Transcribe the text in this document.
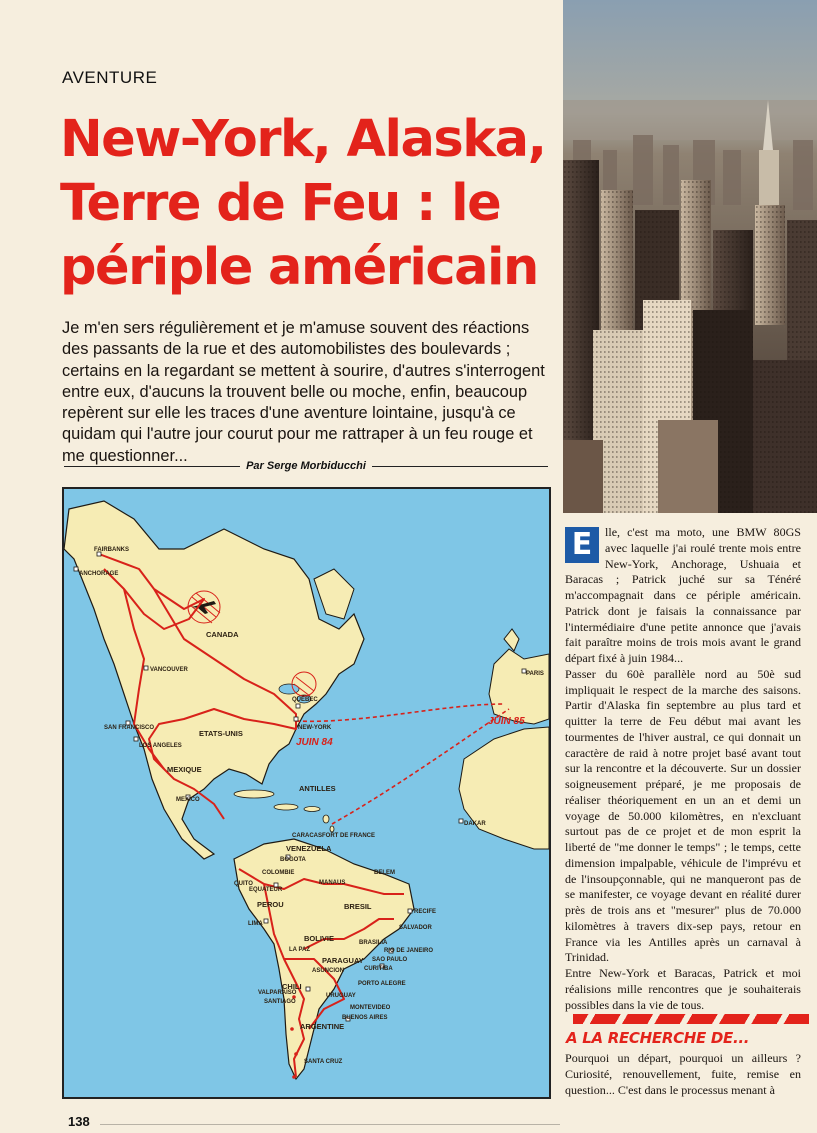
AVENTURE
New-York, Alaska, Terre de Feu : le périple américain

Je m'en sers régulièrement et je m'amuse souvent des réactions des passants de la rue et des automobilistes des boulevards ; certains en la regardant se mettent à sourire, d'autres s'interrogent entre eux, d'aucuns la trouvent belle ou moche, enfin, beaucoup repèrent sur elle les traces d'une aventure lointaine, jusqu'à ce quidam qui l'autre jour courut pour me rattraper à un feu rouge et me questionner...

Par Serge Morbiducchi
FAIRBANKS
ANCHORAGE
CANADA
VANCOUVER
QUÉBEC
NEW-YORK
ETATS-UNIS
SAN FRANCISCO
LOS ANGELES
MEXIQUE
MEXICO
ANTILLES
CARACAS FORT DE FRANCE
VENEZUELA
COLOMBIE
BOGOTA
EQUATEUR
QUITO
PEROU
LIMA
BOLIVIE
LA PAZ
BRESIL
BRASILIA
RECIFE
SALVADOR
MANAUS
BELEM
PARAGUAY
ASUNCION
CHILI
SANTIAGO
VALPARAISO
ARGENTINE
BUENOS AIRES
MONTEVIDEO
URUGUAY
RIO DE JANEIRO
SAO PAULO
CURITIBA
PORTO ALEGRE
SANTA CRUZ
PARIS
DAKAR
JUIN 84
JUIN 85
E	lle, c'est ma moto, une BMW 80GS avec laquelle j'ai roulé trente mois entre New-York, Anchorage, Ushuaia et Baracas ; Patrick juché sur sa Ténéré m'accompagnait dans ce périple américain. Patrick dont je faisais la connaissance par l'intermédiaire d'une petite annonce que j'avais fait paraître moins de trois mois avant le grand départ fixé à juin 1984...

Passer du 60è parallèle nord au 50è sud impliquait le respect de la marche des saisons. Partir d'Alaska fin septembre au plus tard et quitter la terre de Feu début mai avant les tourmentes de l'hiver austral, ce qui donnait un caractère de raid à notre projet basé avant tout sur la rencontre et la découverte. Sur un dossier soigneusement préparé, je me proposais de réaliser théoriquement en un an et demi un voyage de 50.000 kilomètres, en n'excluant surtout pas de ce projet et de mon esprit la liberté de "me donner le temps" ; le temps, cette dimension impalpable, véhicule de l'imprévu et de l'insoupçonnable, qui ne manqueront pas de se manifester, ce voyage devant en réalité durer près de trois ans et "mesurer" plus de 70.000 kilomètres à travers dix-sep pays, retour en France via les Antilles après un carnaval à Trinidad.

Entre New-York et Baracas, Patrick et moi réalisions mille rencontres que je souhaiterais possibles dans la vie de tous.

A LA RECHERCHE DE...

Pourquoi un départ, pourquoi un ailleurs ? Curiosité, renouvellement, fuite, remise en question... C'est dans le processus menant à

138
